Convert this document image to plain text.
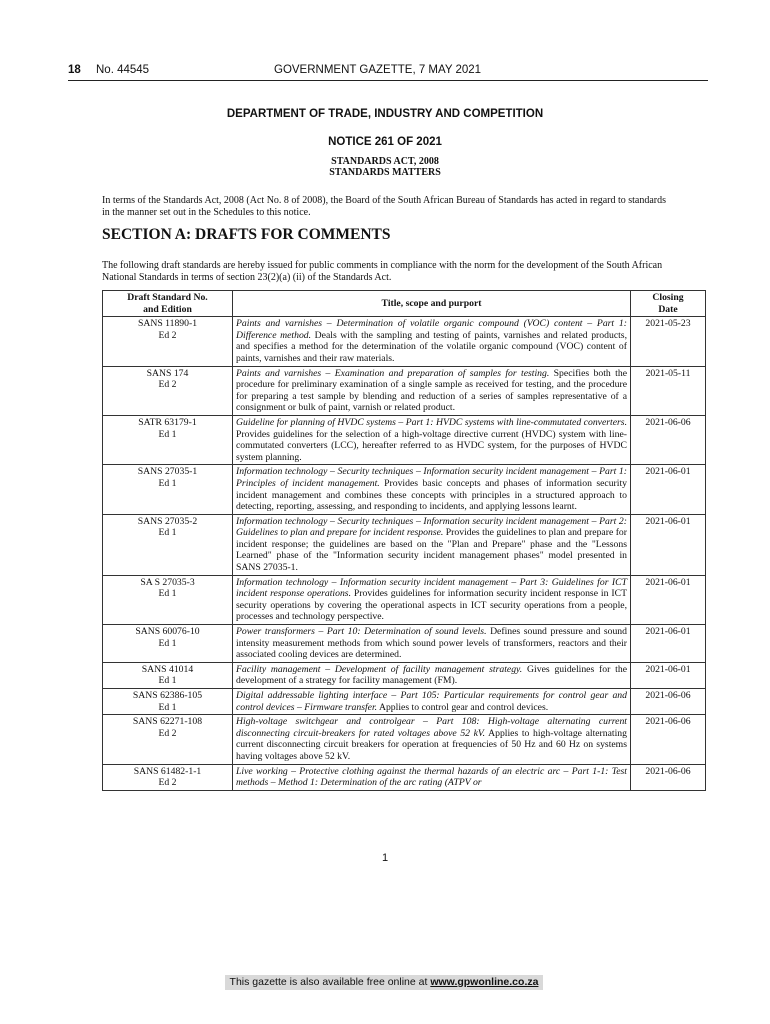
18 No. 44545	GOVERNMENT GAZETTE, 7 MAY 2021
DEPARTMENT OF TRADE, INDUSTRY AND COMPETITION
NOTICE 261 OF 2021
STANDARDS ACT, 2008
STANDARDS MATTERS
In terms of the Standards Act, 2008 (Act No. 8 of 2008), the Board of the South African Bureau of Standards has acted in regard to standards in the manner set out in the Schedules to this notice.
SECTION A: DRAFTS FOR COMMENTS
The following draft standards are hereby issued for public comments in compliance with the norm for the development of the South African National Standards in terms of section 23(2)(a) (ii) of the Standards Act.
Draft Standard No.
and Edition	Title, scope and purport	Closing
Date
SANS 11890-1
Ed 2	Paints and varnishes – Determination of volatile organic compound (VOC) content – Part 1: Difference method. Deals with the sampling and testing of paints, varnishes and related products, and specifies a method for the determination of the volatile organic compound (VOC) content of paints, varnishes and their raw materials.	2021-05-23
SANS 174
Ed 2	Paints and varnishes – Examination and preparation of samples for testing. Specifies both the procedure for preliminary examination of a single sample as received for testing, and the procedure for preparing a test sample by blending and reduction of a series of samples representative of a consignment or bulk of paint, varnish or related product.	2021-05-11
SATR 63179-1
Ed 1	Guideline for planning of HVDC systems – Part 1: HVDC systems with line-commutated converters. Provides guidelines for the selection of a high-voltage directive current (HVDC) system with line-commutated converters (LCC), hereafter referred to as HVDC system, for the purposes of HVDC system planning.	2021-06-06
SANS 27035-1
Ed 1	Information technology – Security techniques – Information security incident management – Part 1: Principles of incident management. Provides basic concepts and phases of information security incident management and combines these concepts with principles in a structured approach to detecting, reporting, assessing, and responding to incidents, and applying lessons learnt.	2021-06-01
SANS 27035-2
Ed 1	Information technology – Security techniques – Information security incident management – Part 2: Guidelines to plan and prepare for incident response. Provides the guidelines to plan and prepare for incident response; the guidelines are based on the "Plan and Prepare" phase and the "Lessons Learned" phase of the "Information security incident management phases" model presented in SANS 27035-1.	2021-06-01
SA S 27035-3
Ed 1	Information technology – Information security incident management – Part 3: Guidelines for ICT incident response operations. Provides guidelines for information security incident response in ICT security operations by covering the operational aspects in ICT security operations from a people, processes and technology perspective.	2021-06-01
SANS 60076-10
Ed 1	Power transformers – Part 10: Determination of sound levels. Defines sound pressure and sound intensity measurement methods from which sound power levels of transformers, reactors and their associated cooling devices are determined.	2021-06-01
SANS 41014
Ed 1	Facility management – Development of facility management strategy. Gives guidelines for the development of a strategy for facility management (FM).	2021-06-01
SANS 62386-105
Ed 1	Digital addressable lighting interface – Part 105: Particular requirements for control gear and control devices – Firmware transfer. Applies to control gear and control devices.	2021-06-06
SANS 62271-108
Ed 2	High-voltage switchgear and controlgear – Part 108: High-voltage alternating current disconnecting circuit-breakers for rated voltages above 52 kV. Applies to high-voltage alternating current disconnecting circuit breakers for operation at frequencies of 50 Hz and 60 Hz on systems having voltages above 52 kV.	2021-06-06
SANS 61482-1-1
Ed 2	Live working – Protective clothing against the thermal hazards of an electric arc – Part 1-1: Test methods – Method 1: Determination of the arc rating (ATPV or	2021-06-06
1
This gazette is also available free online at www.gpwonline.co.za
